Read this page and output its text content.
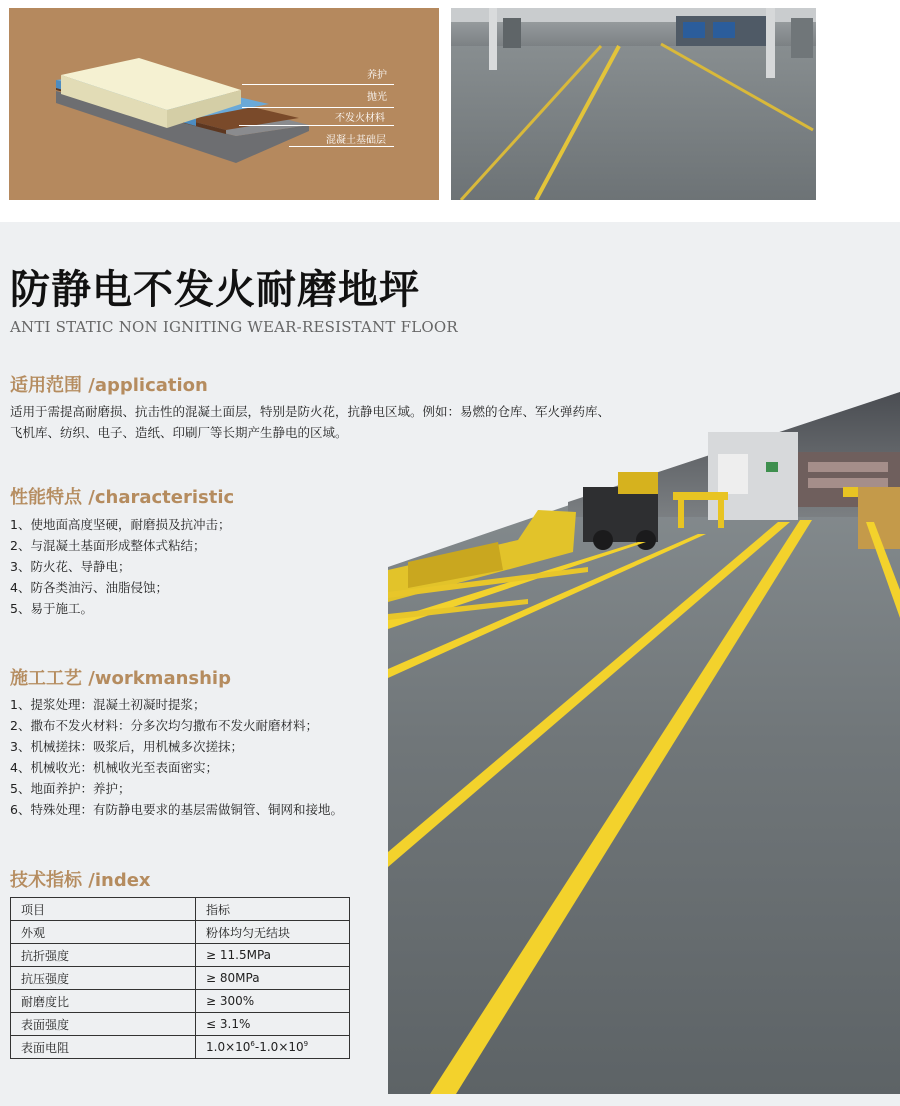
养护
抛光
不发火材料
混凝土基础层
防静电不发火耐磨地坪
ANTI STATIC NON IGNITING WEAR-RESISTANT FLOOR
适用范围 /application
适用于需提高耐磨损、抗击性的混凝土面层，特别是防火花，抗静电区域。例如：易燃的仓库、军火弹药库、
飞机库、纺织、电子、造纸、印刷厂等长期产生静电的区域。
性能特点 /characteristic
1、使地面高度坚硬，耐磨损及抗冲击；
2、与混凝土基面形成整体式粘结；
3、防火花、导静电；
4、防各类油污、油脂侵蚀；
5、易于施工。
施工工艺 /workmanship
1、提浆处理：混凝土初凝时提浆；
2、撒布不发火材料：分多次均匀撒布不发火耐磨材料；
3、机械搓抹：吸浆后，用机械多次搓抹；
4、机械收光：机械收光至表面密实；
5、地面养护：养护；
6、特殊处理：有防静电要求的基层需做铜管、铜网和接地。
技术指标 /index
项目	指标
外观	粉体均匀无结块
抗折强度	≥ 11.5MPa
抗压强度	≥ 80MPa
耐磨度比	≥ 300%
表面强度	≤ 3.1%
表面电阻	$1.0\times 10^6-1.0\times 10^9$
